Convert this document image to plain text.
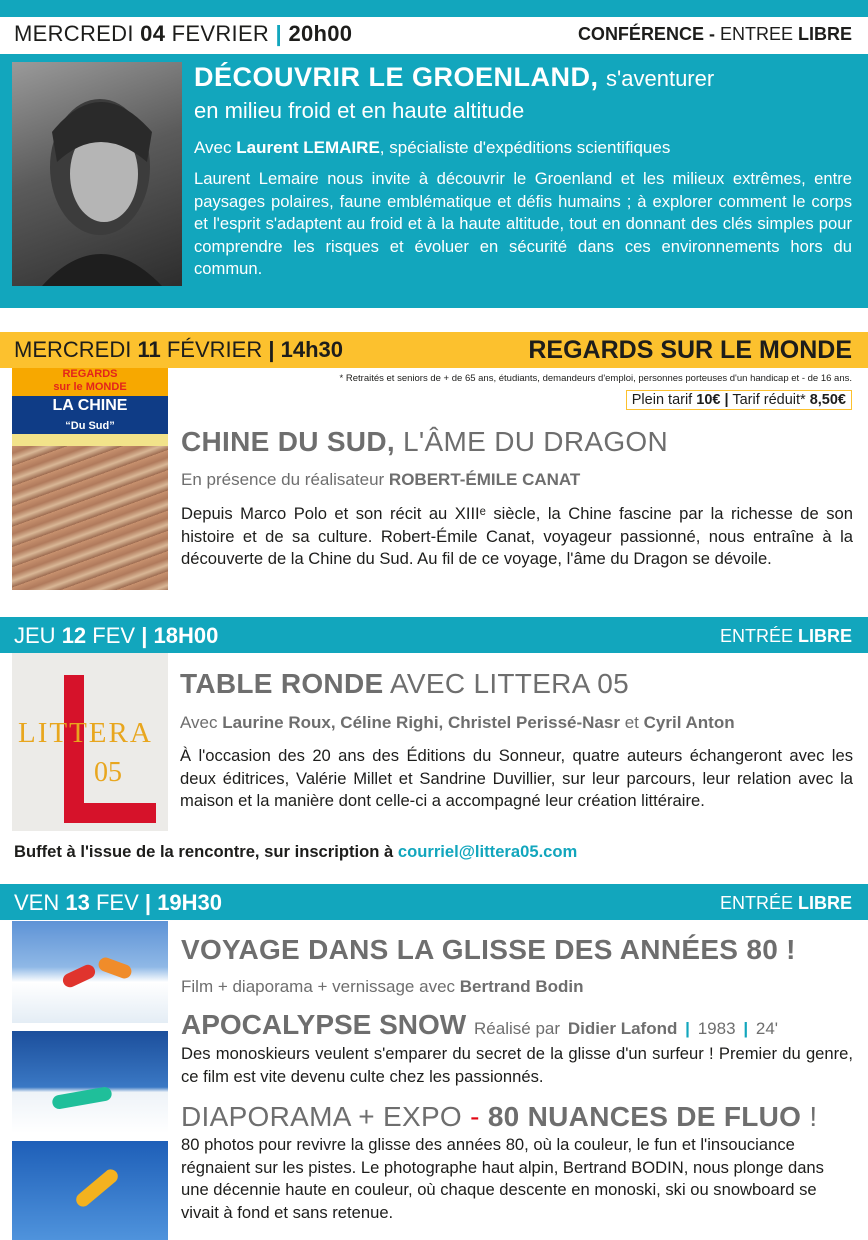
MERCREDI 04 FEVRIER | 20h00	CONFÉRENCE - ENTREE LIBRE
DÉCOUVRIR LE GROENLAND, s'aventurer
en milieu froid et en haute altitude
Avec Laurent LEMAIRE, spécialiste d'expéditions scientifiques
Laurent Lemaire nous invite à découvrir le Groenland et les milieux extrêmes, entre paysages polaires, faune emblématique et défis humains ; à explorer comment le corps et l'esprit s'adaptent au froid et à la haute altitude, tout en donnant des clés simples pour comprendre les risques et évoluer en sécurité dans ces environnements hors du commun.
MERCREDI 11 FÉVRIER | 14h30	REGARDS SUR LE MONDE
REGARDS
sur le MONDE
LA CHINE
“Du Sud”
* Retraités et seniors de + de 65 ans, étudiants, demandeurs d'emploi, personnes porteuses d'un handicap et - de 16 ans.
Plein tarif 10€ | Tarif réduit* 8,50€
CHINE DU SUD, L'ÂME DU DRAGON
En présence du réalisateur ROBERT-ÉMILE CANAT
Depuis Marco Polo et son récit au XIIIᵉ siècle, la Chine fascine par la richesse de son histoire et de sa culture. Robert-Émile Canat, voyageur passionné, nous entraîne à la découverte de la Chine du Sud. Au fil de ce voyage, l'âme du Dragon se dévoile.
JEU 12 FEV | 18H00	ENTRÉE LIBRE
LITTERA
05
TABLE RONDE AVEC LITTERA 05
Avec Laurine Roux, Céline Righi, Christel Perissé-Nasr et Cyril Anton
À l'occasion des 20 ans des Éditions du Sonneur, quatre auteurs échangeront avec les deux éditrices, Valérie Millet et Sandrine Duvillier, sur leur parcours, leur relation avec la maison et la manière dont celle-ci a accompagné leur création littéraire.
Buffet à l'issue de la rencontre, sur inscription à courriel@littera05.com
VEN 13 FEV | 19H30	ENTRÉE LIBRE
VOYAGE DANS LA GLISSE DES ANNÉES 80 !
Film + diaporama + vernissage avec Bertrand Bodin
APOCALYPSE SNOW Réalisé par Didier Lafond | 1983 | 24'
Des monoskieurs veulent s'emparer du secret de la glisse d'un surfeur ! Premier du genre, ce film est vite devenu culte chez les passionnés.
DIAPORAMA + EXPO - 80 NUANCES DE FLUO !
80 photos pour revivre la glisse des années 80, où la couleur, le fun et l'insouciance régnaient sur les pistes. Le photographe haut alpin, Bertrand BODIN, nous plonge dans une décennie haute en couleur, où chaque descente en monoski, ski ou snowboard se vivait à fond et sans retenue.
